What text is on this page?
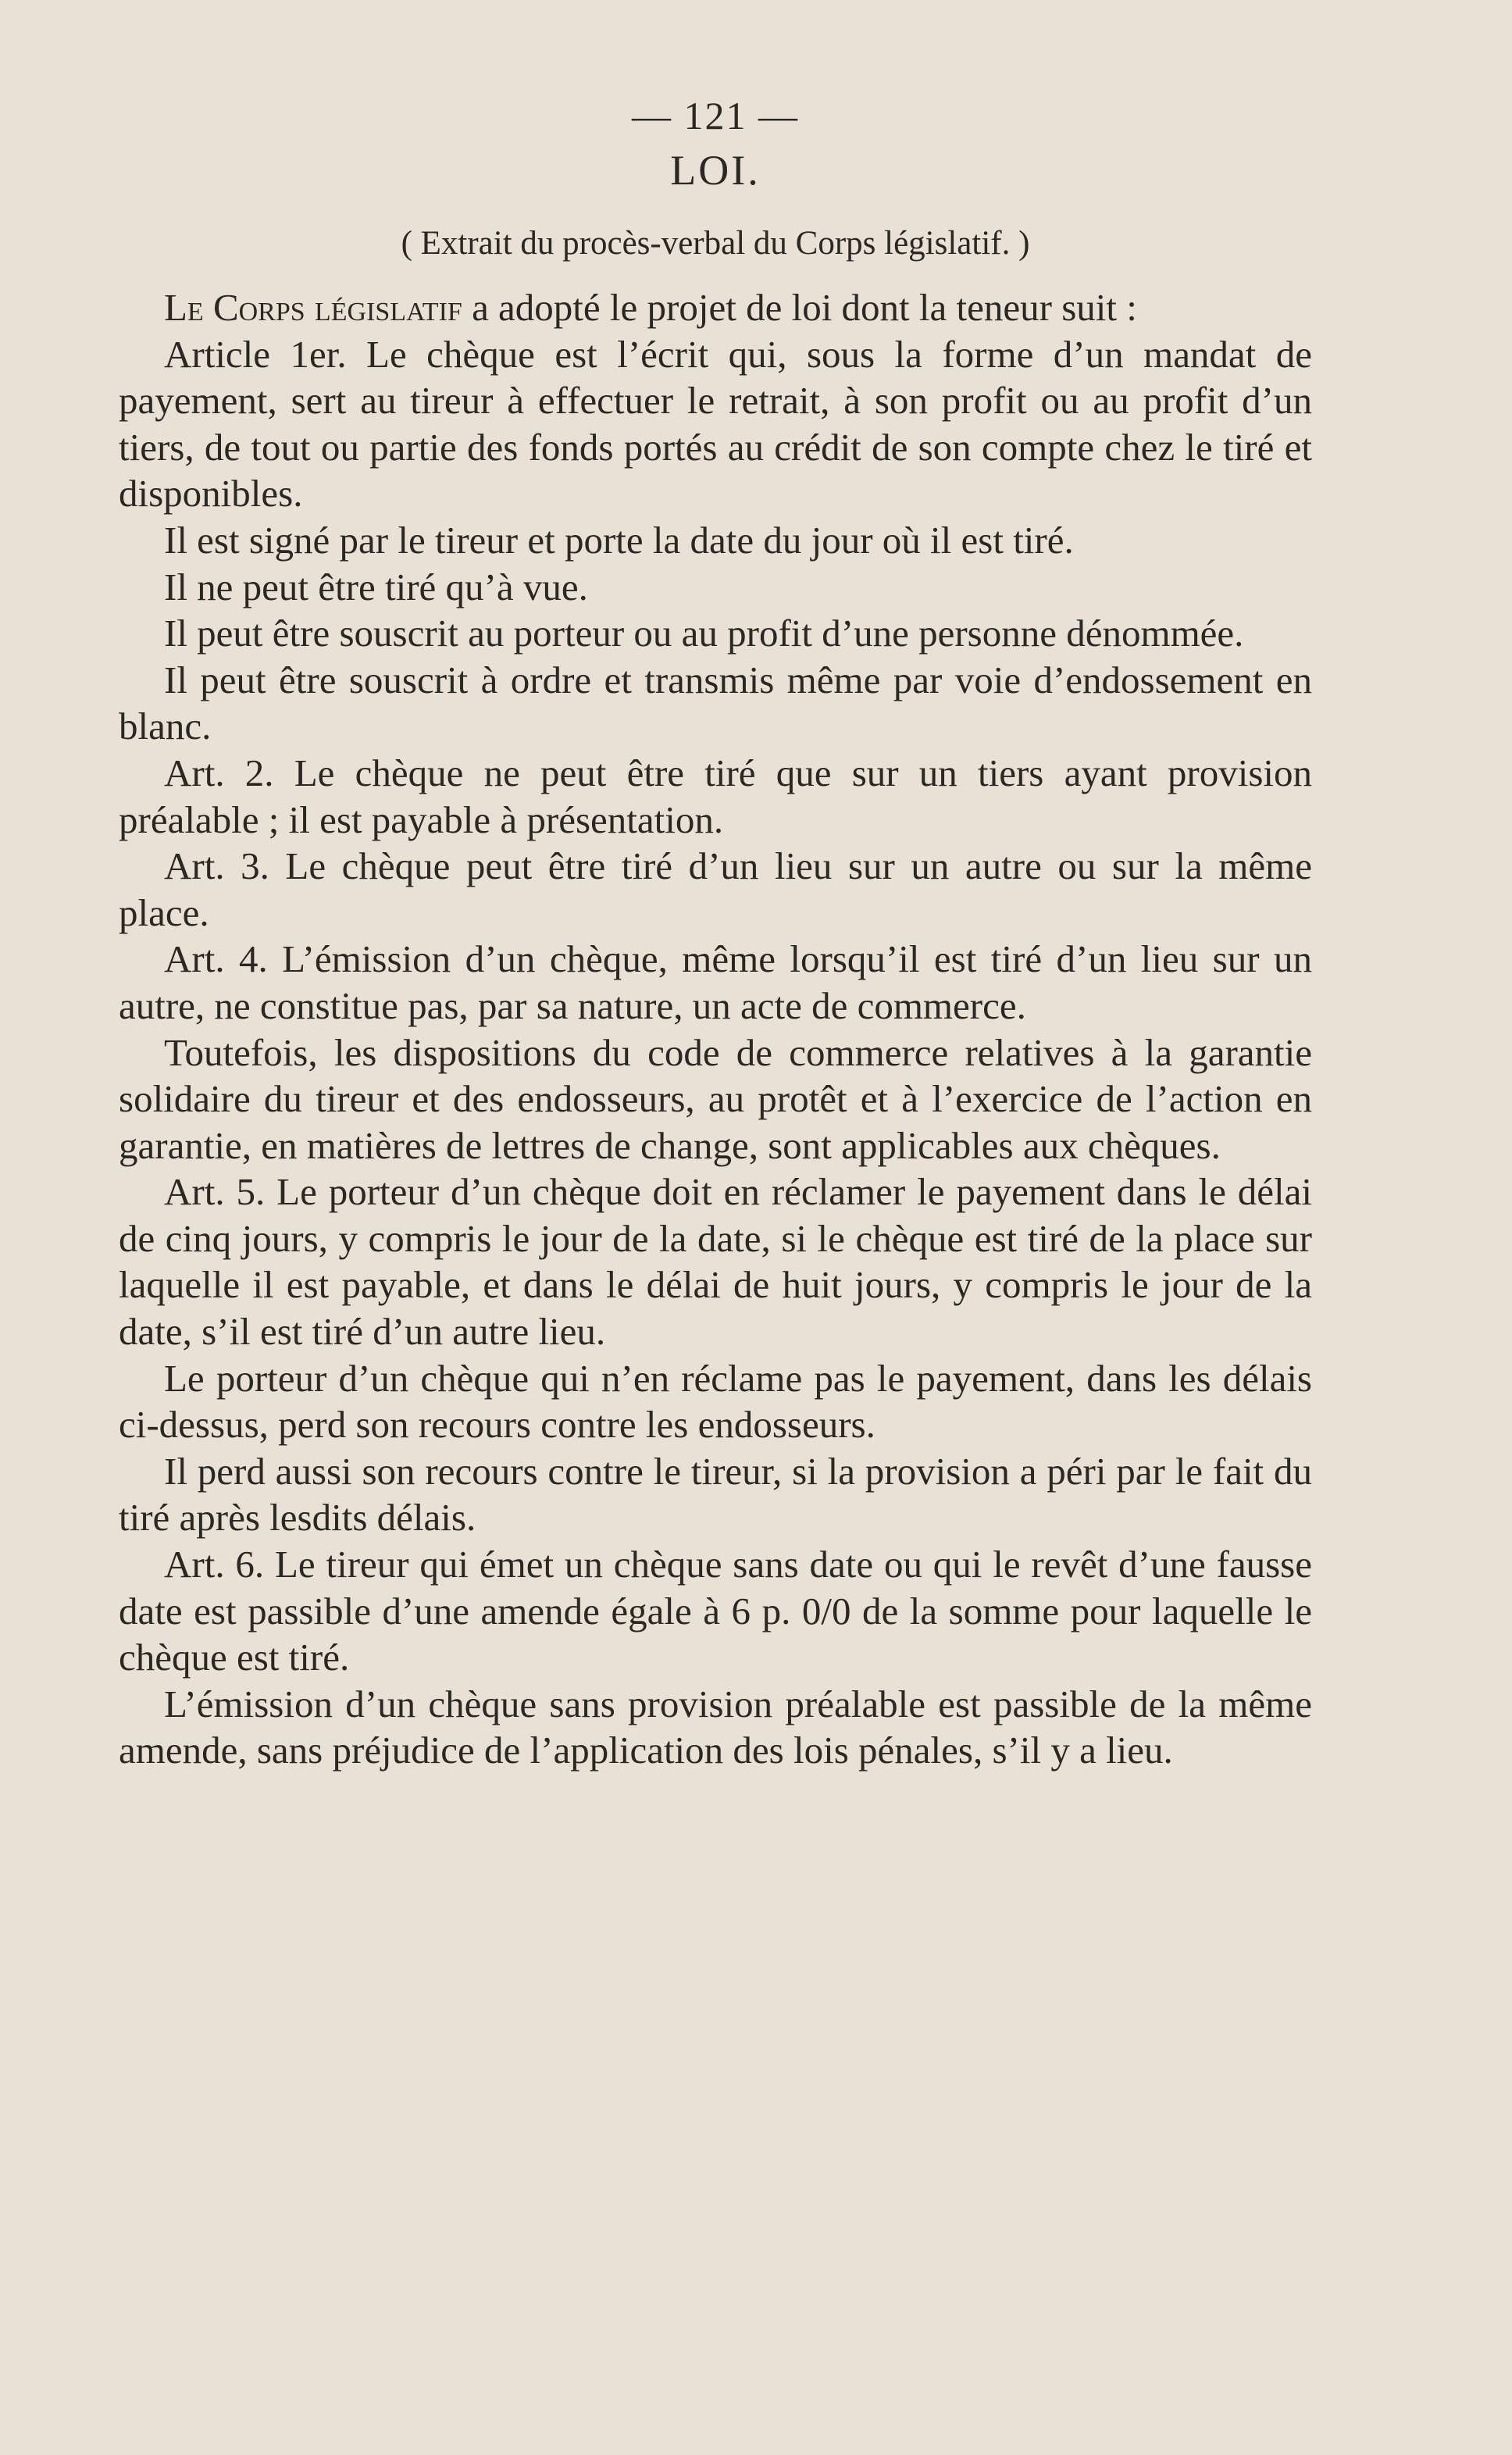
— 121 —
LOI.
( Extrait du procès-verbal du Corps législatif. )

Le Corps législatif a adopté le projet de loi dont la teneur suit :

Article 1er. Le chèque est l’écrit qui, sous la forme d’un mandat de payement, sert au tireur à effectuer le retrait, à son profit ou au profit d’un tiers, de tout ou partie des fonds portés au crédit de son compte chez le tiré et disponibles.

Il est signé par le tireur et porte la date du jour où il est tiré.

Il ne peut être tiré qu’à vue.

Il peut être souscrit au porteur ou au profit d’une personne dénommée.

Il peut être souscrit à ordre et transmis même par voie d’endossement en blanc.

Art. 2. Le chèque ne peut être tiré que sur un tiers ayant provision préalable ; il est payable à présentation.

Art. 3. Le chèque peut être tiré d’un lieu sur un autre ou sur la même place.

Art. 4. L’émission d’un chèque, même lorsqu’il est tiré d’un lieu sur un autre, ne constitue pas, par sa nature, un acte de commerce.

Toutefois, les dispositions du code de commerce relatives à la garantie solidaire du tireur et des endosseurs, au protêt et à l’exercice de l’action en garantie, en matières de lettres de change, sont applicables aux chèques.

Art. 5. Le porteur d’un chèque doit en réclamer le payement dans le délai de cinq jours, y compris le jour de la date, si le chèque est tiré de la place sur laquelle il est payable, et dans le délai de huit jours, y compris le jour de la date, s’il est tiré d’un autre lieu.

Le porteur d’un chèque qui n’en réclame pas le payement, dans les délais ci-dessus, perd son recours contre les endosseurs.

Il perd aussi son recours contre le tireur, si la provision a péri par le fait du tiré après lesdits délais.

Art. 6. Le tireur qui émet un chèque sans date ou qui le revêt d’une fausse date est passible d’une amende égale à 6 p. 0/0 de la somme pour laquelle le chèque est tiré.

L’émission d’un chèque sans provision préalable est passible de la même amende, sans préjudice de l’application des lois pénales, s’il y a lieu.
